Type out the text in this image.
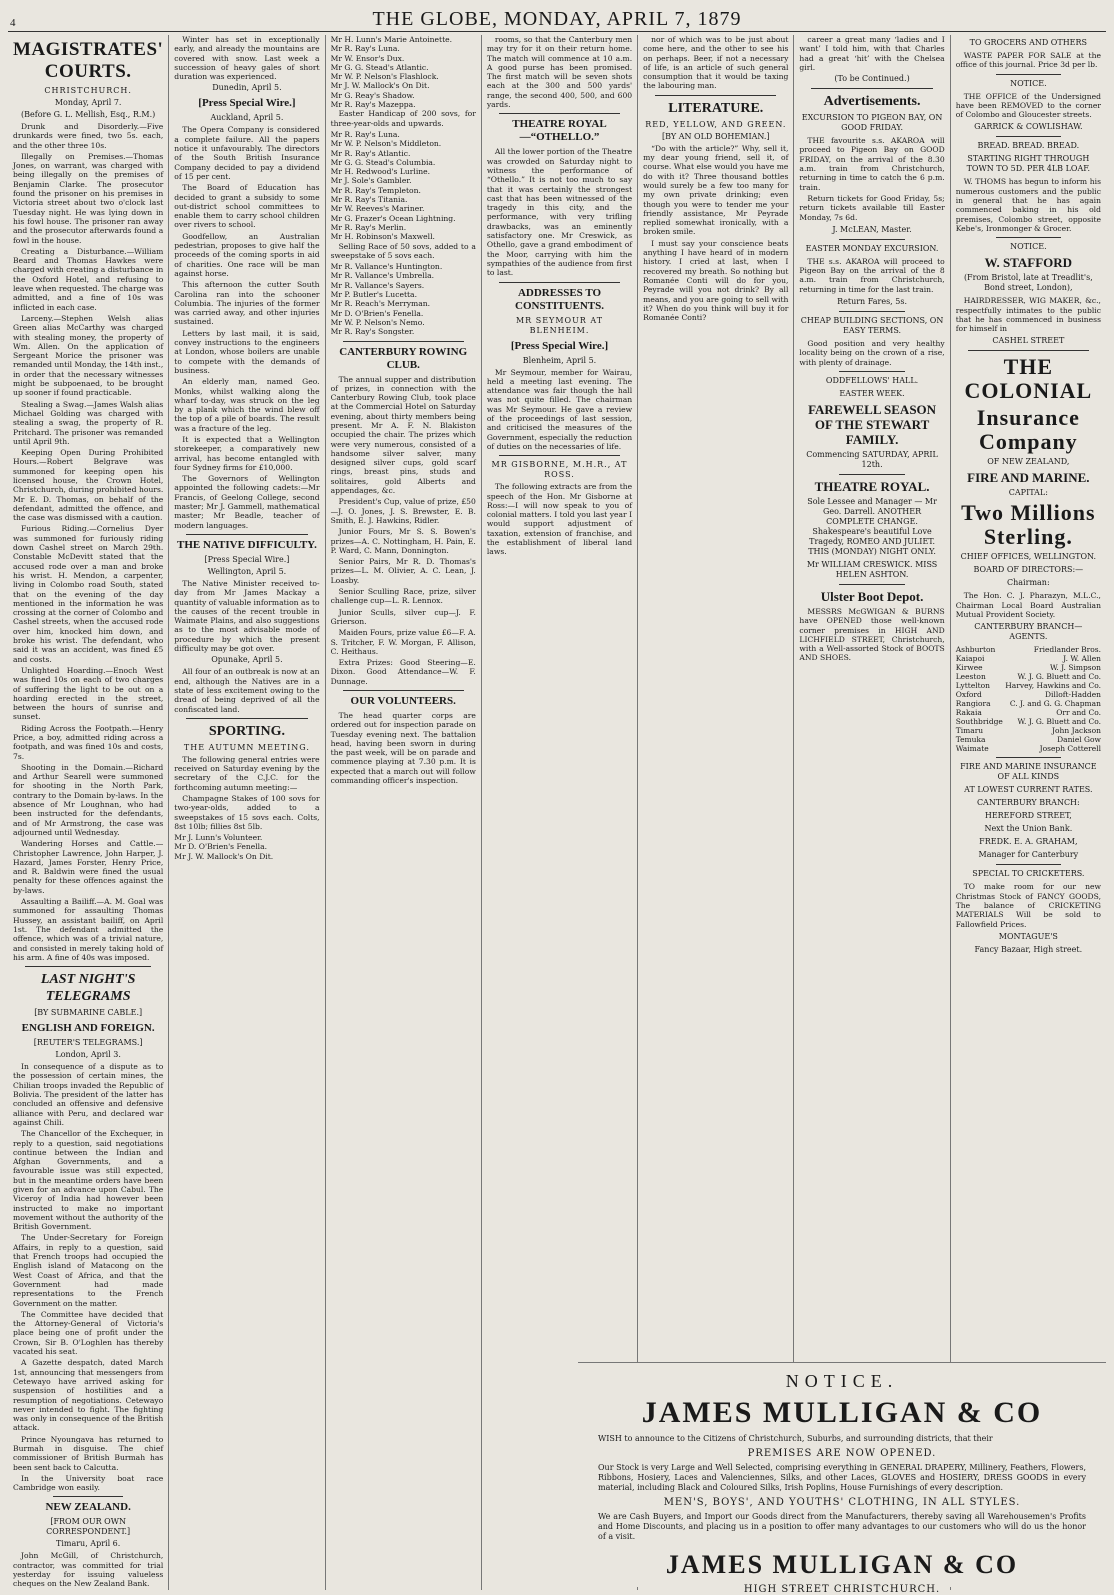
4	THE GLOBE, MONDAY, APRIL 7, 1879
MAGISTRATES' COURTS.
CHRISTCHURCH.
Monday, April 7.
(Before G. L. Mellish, Esq., R.M.)
Drunk and Disorderly.—Five drunkards were fined, two 5s. each, and the other three 10s.
Illegally on Premises.—Thomas Jones, on warrant, was charged with being illegally on the premises of Benjamin Clarke. The prosecutor found the prisoner on his premises in Victoria street about two o'clock last Tuesday night. He was lying down in his fowl house. The prisoner ran away and the prosecutor afterwards found a fowl in the house.
Creating a Disturbance.—William Beard and Thomas Hawkes were charged with creating a disturbance in the Oxford Hotel, and refusing to leave when requested. The charge was admitted, and a fine of 10s was inflicted in each case.
Larceny.—Stephen Welsh alias Green alias McCarthy was charged with stealing money, the property of Wm. Allen. On the application of Sergeant Morice the prisoner was remanded until Monday, the 14th inst., in order that the necessary witnesses might be subpoenaed, to be brought up sooner if found practicable.
Stealing a Swag.—James Walsh alias Michael Golding was charged with stealing a swag, the property of R. Pritchard. The prisoner was remanded until April 9th.
Keeping Open During Prohibited Hours.—Robert Belgrave was summoned for keeping open his licensed house, the Crown Hotel, Christchurch, during prohibited hours. Mr E. D. Thomas, on behalf of the defendant, admitted the offence, and the case was dismissed with a caution.
Furious Riding.—Cornelius Dyer was summoned for furiously riding down Cashel street on March 29th. Constable McDevitt stated that the accused rode over a man and broke his wrist. H. Mendon, a carpenter, living in Colombo road South, stated that on the evening of the day mentioned in the information he was crossing at the corner of Colombo and Cashel streets, when the accused rode over him, knocked him down, and broke his wrist. The defendant, who said it was an accident, was fined £5 and costs.
Unlighted Hoarding.—Enoch West was fined 10s on each of two charges of suffering the light to be out on a hoarding erected in the street, between the hours of sunrise and sunset.
Riding Across the Footpath.—Henry Price, a boy, admitted riding across a footpath, and was fined 10s and costs, 7s.
Shooting in the Domain.—Richard and Arthur Searell were summoned for shooting in the North Park, contrary to the Domain by-laws. In the absence of Mr Loughnan, who had been instructed for the defendants, and of Mr Armstrong, the case was adjourned until Wednesday.
Wandering Horses and Cattle.—Christopher Lawrence, John Harper, J. Hazard, James Forster, Henry Price, and R. Baldwin were fined the usual penalty for these offences against the by-laws.
Assaulting a Bailiff.—A. M. Goal was summoned for assaulting Thomas Hussey, an assistant bailiff, on April 1st. The defendant admitted the offence, which was of a trivial nature, and consisted in merely taking hold of his arm. A fine of 40s was imposed.
LAST NIGHT'S TELEGRAMS
[BY SUBMARINE CABLE.]
ENGLISH AND FOREIGN.
[REUTER'S TELEGRAMS.]
London, April 3.
In consequence of a dispute as to the possession of certain mines, the Chilian troops invaded the Republic of Bolivia. The president of the latter has concluded an offensive and defensive alliance with Peru, and declared war against Chili.
The Chancellor of the Exchequer, in reply to a question, said negotiations continue between the Indian and Afghan Governments, and a favourable issue was still expected, but in the meantime orders have been given for an advance upon Cabul. The Viceroy of India had however been instructed to make no important movement without the authority of the British Government.
The Under-Secretary for Foreign Affairs, in reply to a question, said that French troops had occupied the English island of Matacong on the West Coast of Africa, and that the Government had made representations to the French Government on the matter.
The Committee have decided that the Attorney-General of Victoria's place being one of profit under the Crown, Sir B. O'Loghlen has thereby vacated his seat.
A Gazette despatch, dated March 1st, announcing that messengers from Cetewayo have arrived asking for suspension of hostilities and a resumption of negotiations. Cetewayo never intended to fight. The fighting was only in consequence of the British attack.
Prince Nyoungava has returned to Burmah in disguise. The chief commissioner of British Burmah has been sent back to Calcutta.
In the University boat race Cambridge won easily.
NEW ZEALAND.
[FROM OUR OWN CORRESPONDENT.]
Timaru, April 6.
John McGill, of Christchurch, contractor, was committed for trial yesterday for issuing valueless cheques on the New Zealand Bank.
Winter has set in exceptionally early, and already the mountains are covered with snow. Last week a succession of heavy gales of short duration was experienced.
Dunedin, April 5.
[Press Special Wire.]
Auckland, April 5.
The Opera Company is considered a complete failure. All the papers notice it unfavourably. The directors of the South British Insurance Company decided to pay a dividend of 15 per cent.
The Board of Education has decided to grant a subsidy to some out-district school committees to enable them to carry school children over rivers to school.
Goodfellow, an Australian pedestrian, proposes to give half the proceeds of the coming sports in aid of charities. One race will be man against horse.
This afternoon the cutter South Carolina ran into the schooner Columbia. The injuries of the former was carried away, and other injuries sustained.
Letters by last mail, it is said, convey instructions to the engineers at London, whose boilers are unable to compete with the demands of business.
An elderly man, named Geo. Monks, whilst walking along the wharf to-day, was struck on the leg by a plank which the wind blew off the top of a pile of boards. The result was a fracture of the leg.
It is expected that a Wellington storekeeper, a comparatively new arrival, has become entangled with four Sydney firms for £10,000.
The Governors of Wellington appointed the following cadets:—Mr Francis, of Geelong College, second master; Mr J. Gammell, mathematical master; Mr Beadle, teacher of modern languages.
THE NATIVE DIFFICULTY.
[Press Special Wire.]
Wellington, April 5.
The Native Minister received to-day from Mr James Mackay a quantity of valuable information as to the causes of the recent trouble in Waimate Plains, and also suggestions as to the most advisable mode of procedure by which the present difficulty may be got over.
Opunake, April 5.
All four of an outbreak is now at an end, although the Natives are in a state of less excitement owing to the dread of being deprived of all the confiscated land.
SPORTING.
THE AUTUMN MEETING.
The following general entries were received on Saturday evening by the secretary of the C.J.C. for the forthcoming autumn meeting:—
Champagne Stakes of 100 sovs for two-year-olds, added to a sweepstakes of 15 sovs each. Colts, 8st 10lb; fillies 8st 5lb.
Mr J. Lunn's Volunteer.
Mr D. O'Brien's Fenella.
Mr J. W. Mallock's On Dit.
Mr H. Lunn's Marie Antoinette.
Mr R. Ray's Luna.
Mr W. Ensor's Dux.
Mr G. G. Stead's Atlantic.
Mr W. P. Nelson's Flashlock.
Mr J. W. Mallock's On Dit.
Mr G. Reay's Shadow.
Mr R. Ray's Mazeppa.
Easter Handicap of 200 sovs, for three-year-olds and upwards.
Mr R. Ray's Luna.
Mr W. P. Nelson's Middleton.
Mr R. Ray's Atlantic.
Mr G. G. Stead's Columbia.
Mr H. Redwood's Lurline.
Mr J. Sole's Gambler.
Mr R. Ray's Templeton.
Mr R. Ray's Titania.
Mr W. Reeves's Mariner.
Mr G. Frazer's Ocean Lightning.
Mr R. Ray's Merlin.
Mr H. Robinson's Maxwell.
Selling Race of 50 sovs, added to a sweepstake of 5 sovs each.
Mr R. Vallance's Huntington.
Mr R. Vallance's Umbrella.
Mr R. Vallance's Sayers.
Mr P. Butler's Lucetta.
Mr R. Reach's Merryman.
Mr D. O'Brien's Fenella.
Mr W. P. Nelson's Nemo.
Mr R. Ray's Songster.
CANTERBURY ROWING CLUB.
The annual supper and distribution of prizes, in connection with the Canterbury Rowing Club, took place at the Commercial Hotel on Saturday evening, about thirty members being present. Mr A. F. N. Blakiston occupied the chair. The prizes which were very numerous, consisted of a handsome silver salver, many designed silver cups, gold scarf rings, breast pins, studs and solitaires, gold Alberts and appendages, &c.
President's Cup, value of prize, £50—J. O. Jones, J. S. Brewster, E. B. Smith, E. J. Hawkins, Ridler.
Junior Fours, Mr S. S. Bowen's prizes—A. C. Nottingham, H. Pain, E. P. Ward, C. Mann, Donnington.
Senior Pairs, Mr R. D. Thomas's prizes—L. M. Olivier, A. C. Lean, J. Loasby.
Senior Sculling Race, prize, silver challenge cup—L. R. Lennox.
Junior Sculls, silver cup—J. F. Grierson.
Maiden Fours, prize value £6—F. A. S. Tritcher, F. W. Morgan, F. Allison, C. Heithaus.
Extra Prizes: Good Steering—E. Dixon. Good Attendance—W. F. Dunnage.
OUR VOLUNTEERS.
The head quarter corps are ordered out for inspection parade on Tuesday evening next. The battalion head, having been sworn in during the past week, will be on parade and commence playing at 7.30 p.m. It is expected that a march out will follow commanding officer's inspection.
rooms, so that the Canterbury men may try for it on their return home. The match will commence at 10 a.m. A good purse has been promised. The first match will be seven shots each at the 300 and 500 yards' range, the second 400, 500, and 600 yards.
THEATRE ROYAL—“OTHELLO.”
All the lower portion of the Theatre was crowded on Saturday night to witness the performance of “Othello.” It is not too much to say that it was certainly the strongest cast that has been witnessed of the tragedy in this city, and the performance, with very trifling drawbacks, was an eminently satisfactory one. Mr Creswick, as Othello, gave a grand embodiment of the Moor, carrying with him the sympathies of the audience from first to last.
ADDRESSES TO CONSTITUENTS.
MR SEYMOUR AT BLENHEIM.
[Press Special Wire.]
Blenheim, April 5.
Mr Seymour, member for Wairau, held a meeting last evening. The attendance was fair though the hall was not quite filled. The chairman was Mr Seymour. He gave a review of the proceedings of last session, and criticised the measures of the Government, especially the reduction of duties on the necessaries of life.
MR GISBORNE, M.H.R., AT ROSS.
The following extracts are from the speech of the Hon. Mr Gisborne at Ross:—I will now speak to you of colonial matters. I told you last year I would support adjustment of taxation, extension of franchise, and the establishment of liberal land laws.
nor of which was to be just about come here, and the other to see his on perhaps. Beer, if not a necessary of life, is an article of such general consumption that it would be taxing the labouring man.
LITERATURE.
RED, YELLOW, AND GREEN.
[BY AN OLD BOHEMIAN.]
“Do with the article?” Why, sell it, my dear young friend, sell it, of course. What else would you have me do with it? Three thousand bottles would surely be a few too many for my own private drinking; even though you were to tender me your friendly assistance, Mr Peyrade replied somewhat ironically, with a broken smile.
I must say your conscience beats anything I have heard of in modern history. I cried at last, when I recovered my breath. So nothing but Romanée Conti will do for you, Peyrade will you not drink? By all means, and you are going to sell with it? When do you think will buy it for Romanée Conti?
career a great many ‘ladies and I want’ I told him, with that Charles had a great ‘hit’ with the Chelsea girl.
(To be Continued.)
Advertisements.
EXCURSION TO PIGEON BAY, ON GOOD FRIDAY.
THE favourite s.s. AKAROA will proceed to Pigeon Bay on GOOD FRIDAY, on the arrival of the 8.30 a.m. train from Christchurch, returning in time to catch the 6 p.m. train.
Return tickets for Good Friday, 5s; return tickets available till Easter Monday, 7s 6d.
J. McLEAN, Master.
EASTER MONDAY EXCURSION.
THE s.s. AKAROA will proceed to Pigeon Bay on the arrival of the 8 a.m. train from Christchurch, returning in time for the last train.
Return Fares, 5s.
CHEAP BUILDING SECTIONS, ON EASY TERMS.
Good position and very healthy locality being on the crown of a rise, with plenty of drainage.
ODDFELLOWS' HALL.
EASTER WEEK.
FAREWELL SEASON OF THE STEWART FAMILY.
Commencing SATURDAY, APRIL 12th.
THEATRE ROYAL.
Sole Lessee and Manager — Mr Geo. Darrell. ANOTHER COMPLETE CHANGE. Shakespeare's beautiful Love Tragedy, ROMEO AND JULIET. THIS (MONDAY) NIGHT ONLY.
Mr WILLIAM CRESWICK. MISS HELEN ASHTON.
Ulster Boot Depot.
MESSRS McGWIGAN & BURNS have OPENED those well-known corner premises in HIGH AND LICHFIELD STREET, Christchurch, with a Well-assorted Stock of BOOTS AND SHOES.
TO GROCERS AND OTHERS
WASTE PAPER FOR SALE at the office of this journal. Price 3d per lb.
NOTICE.
THE OFFICE of the Undersigned have been REMOVED to the corner of Colombo and Gloucester streets.
GARRICK & COWLISHAW.
BREAD. BREAD. BREAD.
STARTING RIGHT THROUGH TOWN TO 5D. PER 4LB LOAF.
W. THOMS has begun to inform his numerous customers and the public in general that he has again commenced baking in his old premises, Colombo street, opposite Kebe's, Ironmonger & Grocer.
NOTICE.
W. STAFFORD
(From Bristol, late at Treadlit's, Bond street, London),
HAIRDRESSER, WIG MAKER, &c., respectfully intimates to the public that he has commenced in business for himself in
CASHEL STREET
THE COLONIAL
Insurance Company
OF NEW ZEALAND,
FIRE AND MARINE.
CAPITAL:
Two Millions Sterling.
CHIEF OFFICES, WELLINGTON.
BOARD OF DIRECTORS:—
Chairman:
The Hon. C. J. Pharazyn, M.L.C., Chairman Local Board Australian Mutual Provident Society.
CANTERBURY BRANCH—AGENTS.
Ashburton	Friedlander Bros.
Kaiapoi	J. W. Allen
Kirwee	W. J. Simpson
Leeston	W. J. G. Bluett and Co.
Lyttelton Harvey, Hawkins and Co.
Oxford	Dilloft-Hadden
Rangiora	C. J. and G. G. Chapman
Rakaia	Orr and Co.
Southbridge W. J. G. Bluett and Co.
Timaru	John Jackson
Temuka	Daniel Gow
Waimate	Joseph Cotterell
FIRE AND MARINE INSURANCE OF ALL KINDS
AT LOWEST CURRENT RATES.
CANTERBURY BRANCH:
HEREFORD STREET,
Next the Union Bank.
FREDK. E. A. GRAHAM,
Manager for Canterbury
SPECIAL TO CRICKETERS.
TO make room for our new Christmas Stock of FANCY GOODS, The balance of CRICKETING MATERIALS Will be sold to Fallowfield Prices.
MONTAGUE'S
Fancy Bazaar, High street.
NOTICE.
JAMES MULLIGAN & CO

WISH to announce to the Citizens of Christchurch, Suburbs, and surrounding districts, that their

PREMISES ARE NOW OPENED.

Our Stock is very Large and Well Selected, comprising everything in GENERAL DRAPERY, Millinery, Feathers, Flowers, Ribbons, Hosiery, Laces and Valenciennes, Silks, and other Laces, GLOVES and HOSIERY, DRESS GOODS in every material, including Black and Coloured Silks, Irish Poplins, House Furnishings of every description.

MEN'S, BOYS', AND YOUTHS' CLOTHING, IN ALL STYLES.

We are Cash Buyers, and Import our Goods direct from the Manufacturers, thereby saving all Warehousemen's Profits and Home Discounts, and placing us in a position to offer many advantages to our customers who will do us the honor of a visit.

JAMES MULLIGAN & CO
HIGH STREET CHRISTCHURCH.
